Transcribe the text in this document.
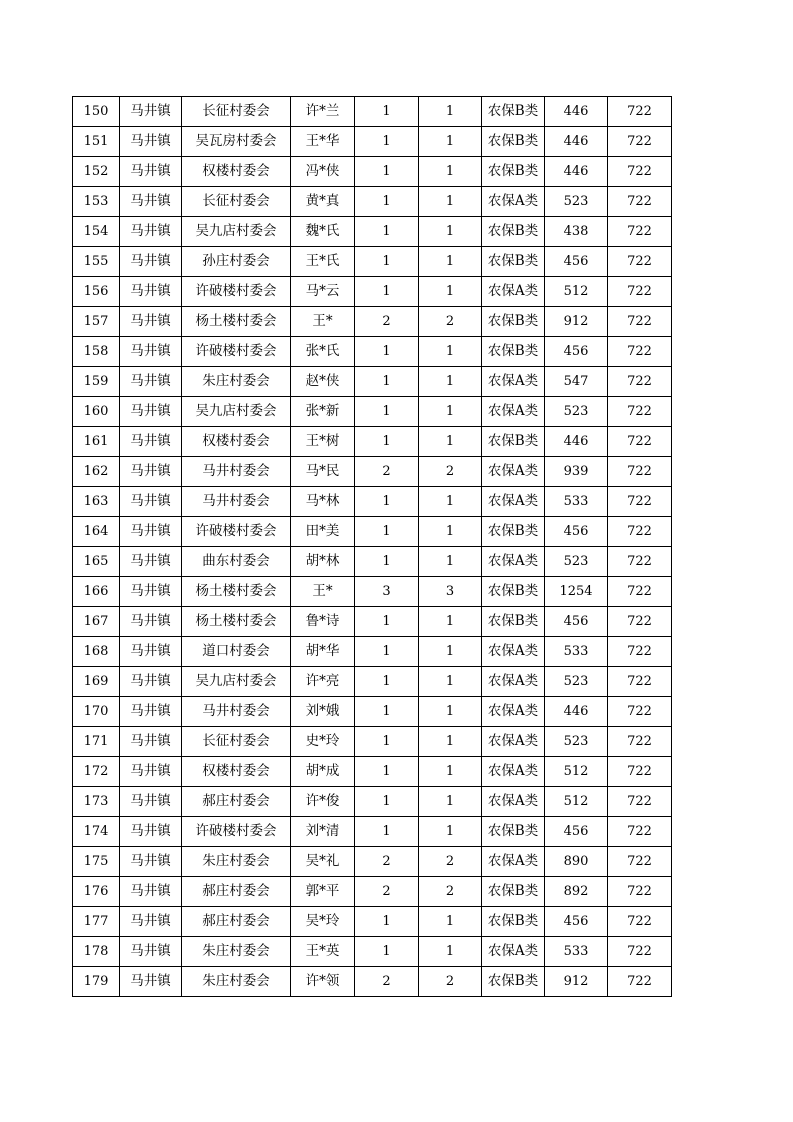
150	马井镇	长征村委会	许*兰	1	1	农保B类	446	722
151	马井镇	吴瓦房村委会	王*华	1	1	农保B类	446	722
152	马井镇	权楼村委会	冯*侠	1	1	农保B类	446	722
153	马井镇	长征村委会	黄*真	1	1	农保A类	523	722
154	马井镇	吴九店村委会	魏*氏	1	1	农保B类	438	722
155	马井镇	孙庄村委会	王*氏	1	1	农保B类	456	722
156	马井镇	许破楼村委会	马*云	1	1	农保A类	512	722
157	马井镇	杨土楼村委会	王*	2	2	农保B类	912	722
158	马井镇	许破楼村委会	张*氏	1	1	农保B类	456	722
159	马井镇	朱庄村委会	赵*侠	1	1	农保A类	547	722
160	马井镇	吴九店村委会	张*新	1	1	农保A类	523	722
161	马井镇	权楼村委会	王*树	1	1	农保B类	446	722
162	马井镇	马井村委会	马*民	2	2	农保A类	939	722
163	马井镇	马井村委会	马*林	1	1	农保A类	533	722
164	马井镇	许破楼村委会	田*美	1	1	农保B类	456	722
165	马井镇	曲东村委会	胡*林	1	1	农保A类	523	722
166	马井镇	杨土楼村委会	王*	3	3	农保B类	1254	722
167	马井镇	杨土楼村委会	鲁*诗	1	1	农保B类	456	722
168	马井镇	道口村委会	胡*华	1	1	农保A类	533	722
169	马井镇	吴九店村委会	许*亮	1	1	农保A类	523	722
170	马井镇	马井村委会	刘*娥	1	1	农保A类	446	722
171	马井镇	长征村委会	史*玲	1	1	农保A类	523	722
172	马井镇	权楼村委会	胡*成	1	1	农保A类	512	722
173	马井镇	郝庄村委会	许*俊	1	1	农保A类	512	722
174	马井镇	许破楼村委会	刘*清	1	1	农保B类	456	722
175	马井镇	朱庄村委会	吴*礼	2	2	农保A类	890	722
176	马井镇	郝庄村委会	郭*平	2	2	农保B类	892	722
177	马井镇	郝庄村委会	吴*玲	1	1	农保B类	456	722
178	马井镇	朱庄村委会	王*英	1	1	农保A类	533	722
179	马井镇	朱庄村委会	许*领	2	2	农保B类	912	722
